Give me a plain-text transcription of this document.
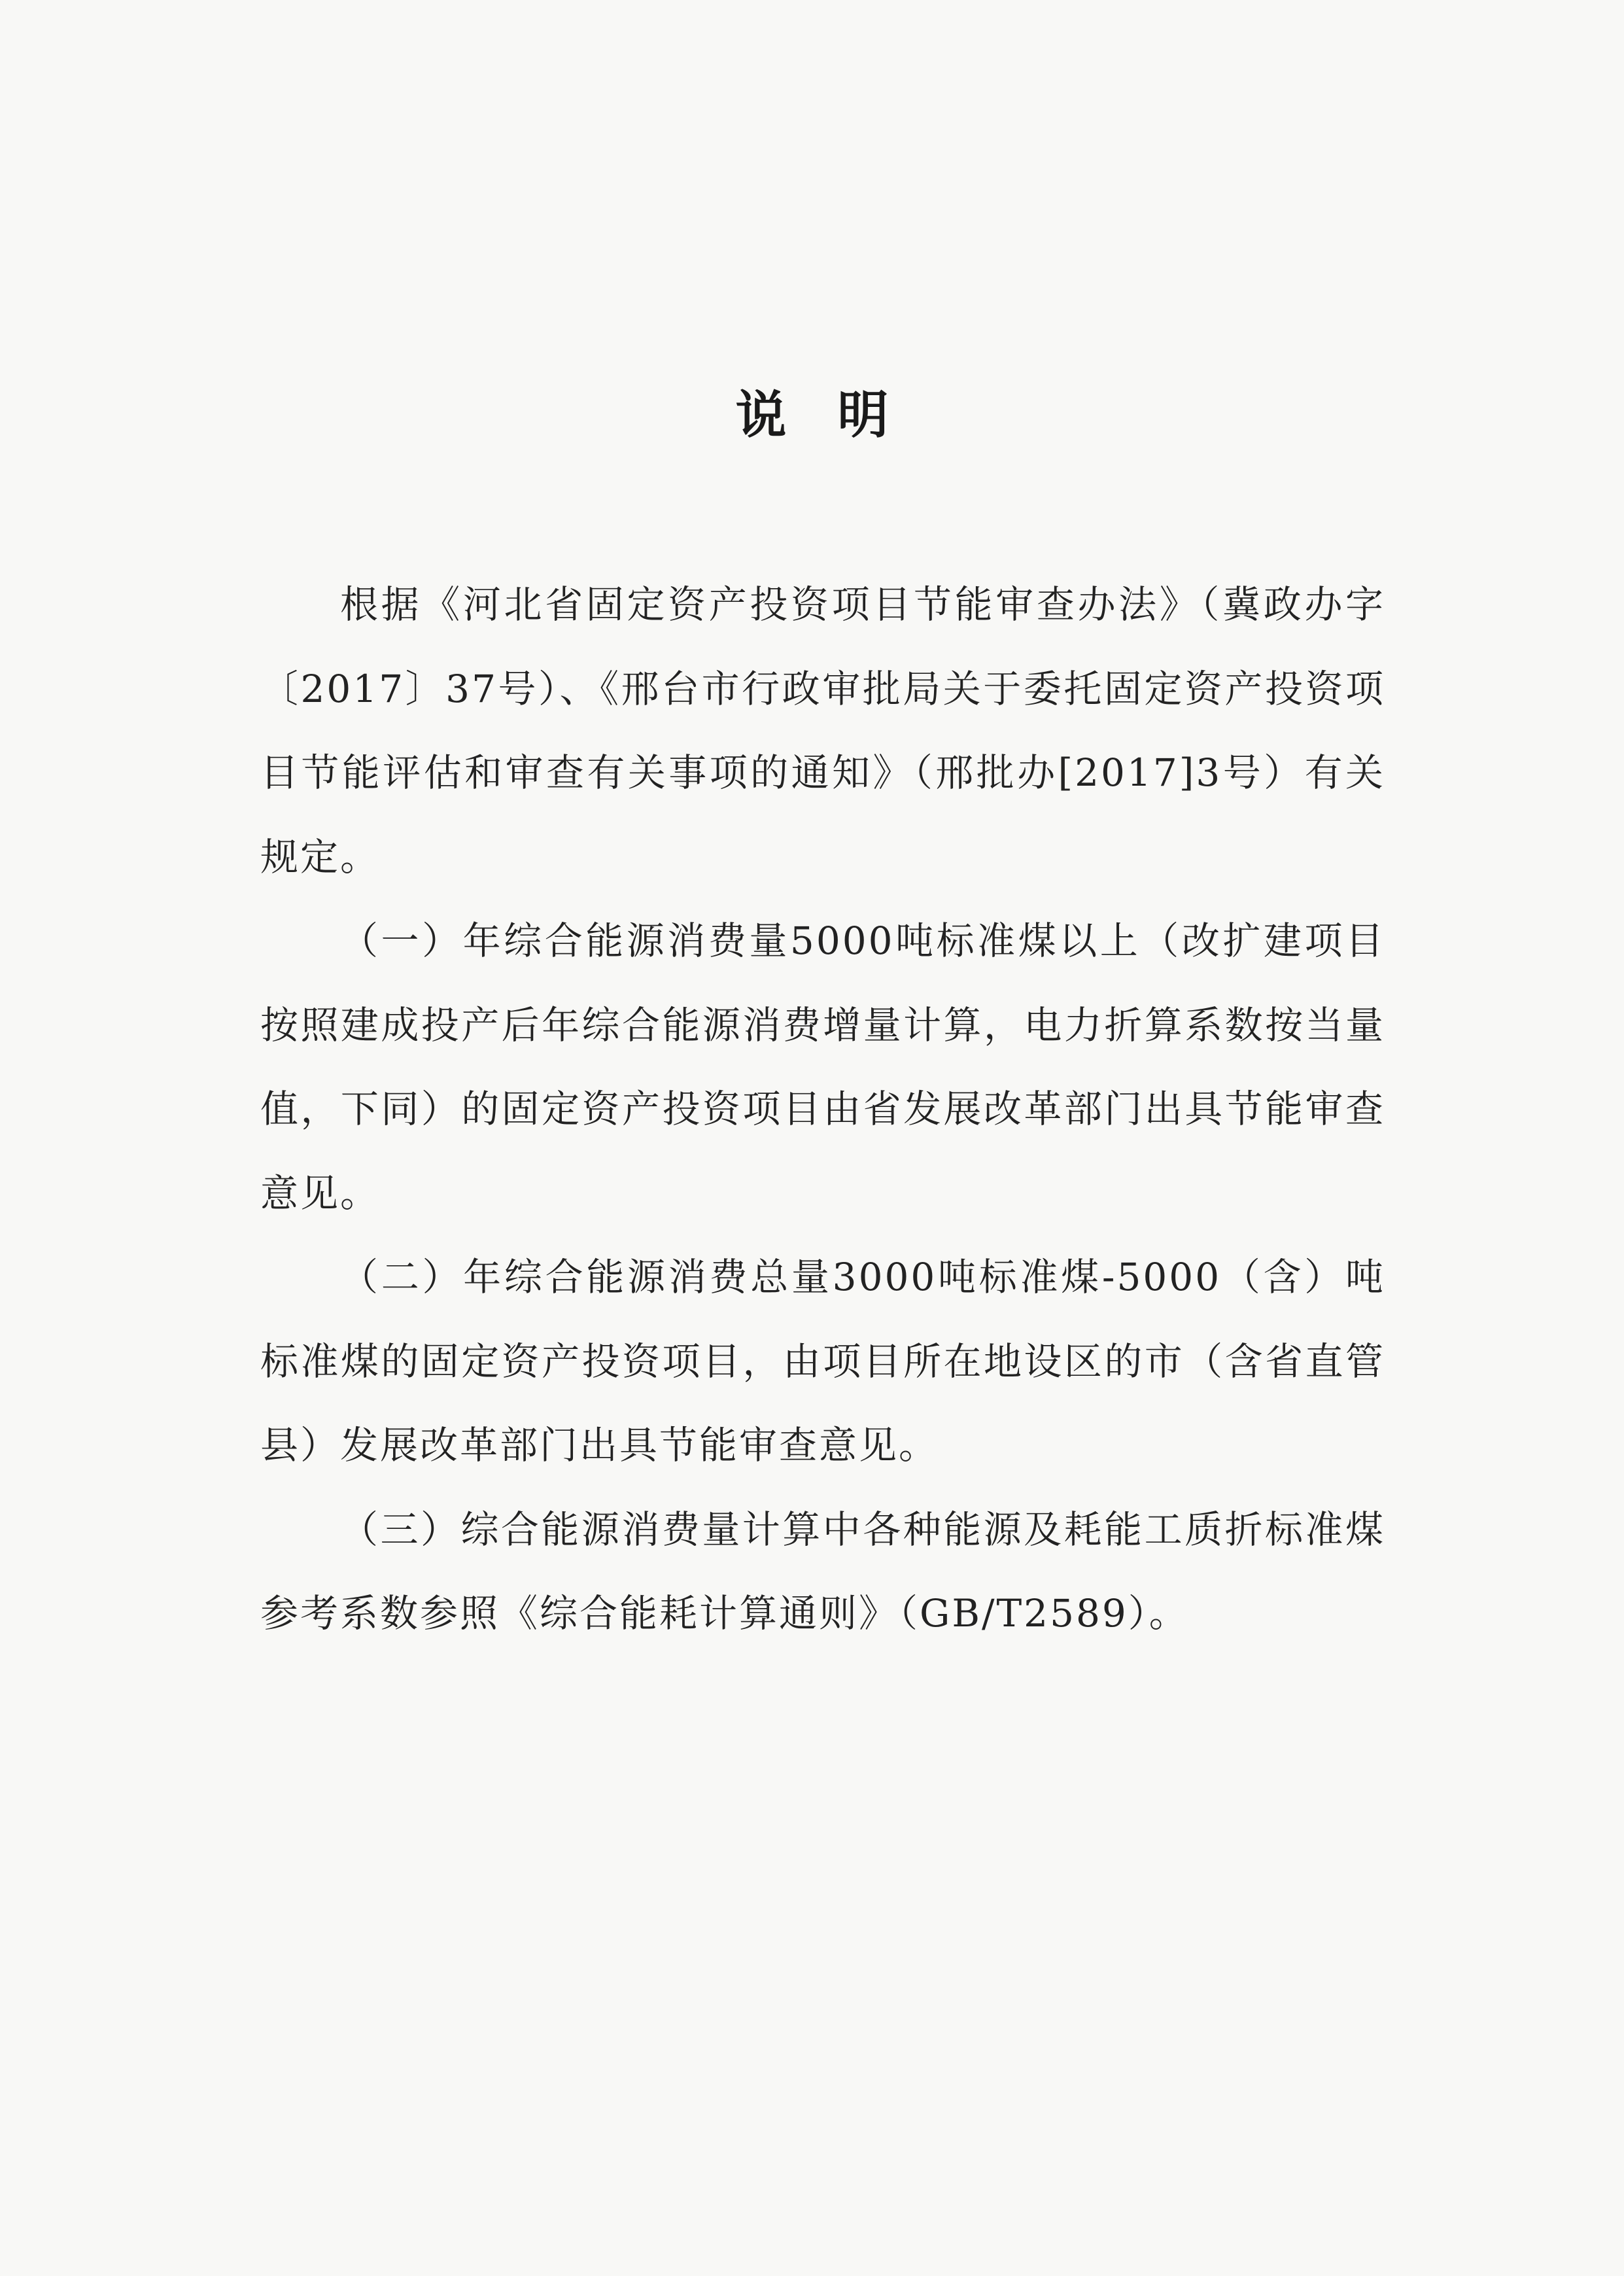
说明

根据《河北省固定资产投资项目节能审查办法》（冀政办字〔2017〕37号）、《邢台市行政审批局关于委托固定资产投资项目节能评估和审查有关事项的通知》（邢批办[2017]3号）有关规定。

（一）年综合能源消费量5000吨标准煤以上（改扩建项目按照建成投产后年综合能源消费增量计算，电力折算系数按当量值，下同）的固定资产投资项目由省发展改革部门出具节能审查意见。

（二）年综合能源消费总量3000吨标准煤-5000（含）吨标准煤的固定资产投资项目，由项目所在地设区的市（含省直管县）发展改革部门出具节能审查意见。

（三）综合能源消费量计算中各种能源及耗能工质折标准煤参考系数参照《综合能耗计算通则》（GB/T2589）。
